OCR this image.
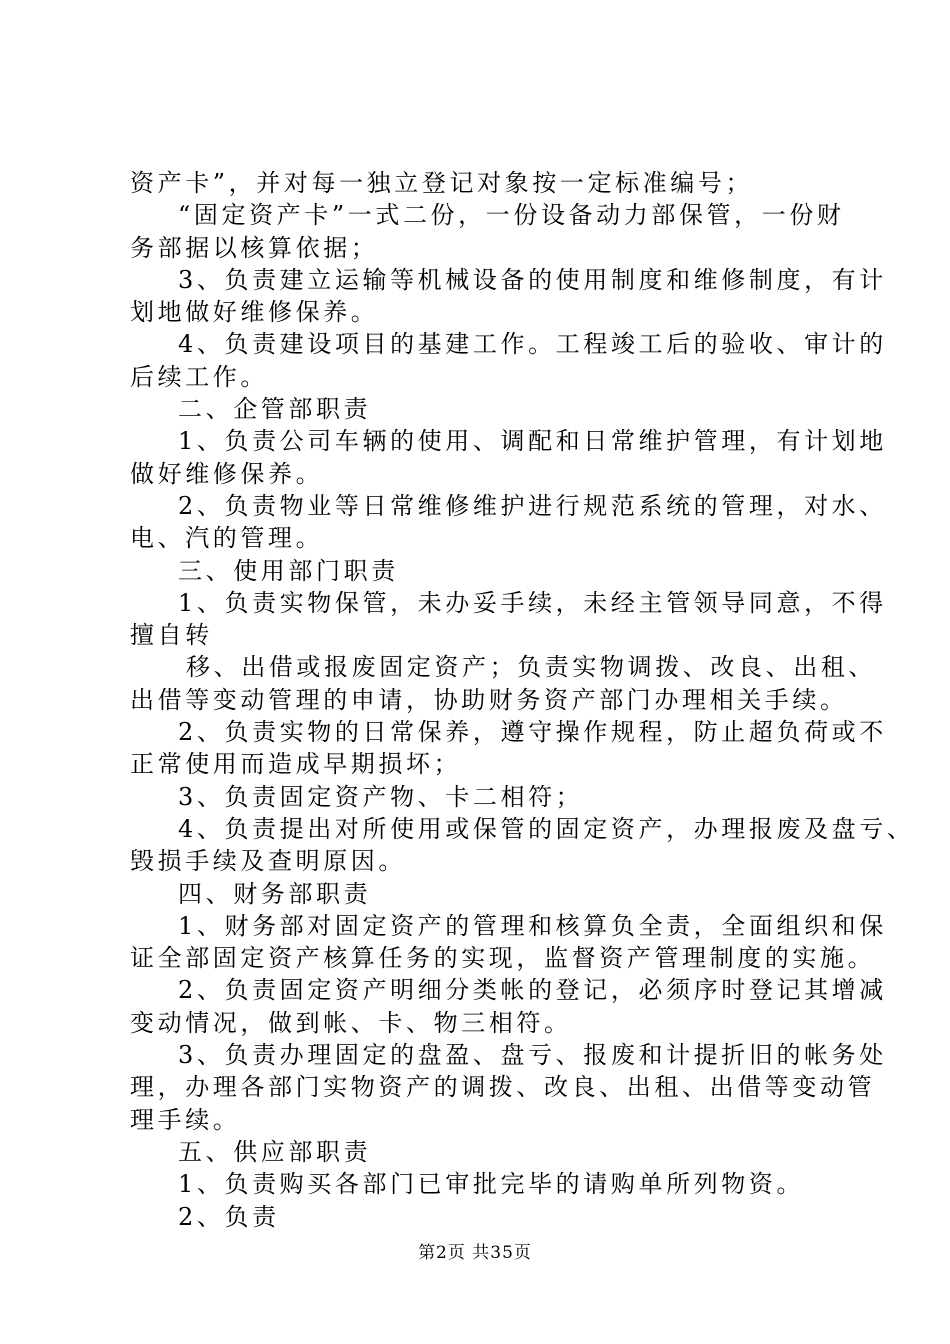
资产卡”，并对每一独立登记对象按一定标准编号；
“固定资产卡”一式二份，一份设备动力部保管，一份财
务部据以核算依据；
3、负责建立运输等机械设备的使用制度和维修制度，有计
划地做好维修保养。
4、负责建设项目的基建工作。工程竣工后的验收、审计的
后续工作。
二、企管部职责
1、负责公司车辆的使用、调配和日常维护管理，有计划地
做好维修保养。
2、负责物业等日常维修维护进行规范系统的管理，对水、
电、汽的管理。
三、使用部门职责
1、负责实物保管，未办妥手续，未经主管领导同意，不得
擅自转
移、出借或报废固定资产；负责实物调拨、改良、出租、
出借等变动管理的申请，协助财务资产部门办理相关手续。
2、负责实物的日常保养，遵守操作规程，防止超负荷或不
正常使用而造成早期损坏；
3、负责固定资产物、卡二相符；
4、负责提出对所使用或保管的固定资产，办理报废及盘亏、
毁损手续及查明原因。
四、财务部职责
1、财务部对固定资产的管理和核算负全责，全面组织和保
证全部固定资产核算任务的实现，监督资产管理制度的实施。
2、负责固定资产明细分类帐的登记，必须序时登记其增减
变动情况，做到帐、卡、物三相符。
3、负责办理固定的盘盈、盘亏、报废和计提折旧的帐务处
理，办理各部门实物资产的调拨、改良、出租、出借等变动管
理手续。
五、供应部职责
1、负责购买各部门已审批完毕的请购单所列物资。
2、负责
第2页 共35页
